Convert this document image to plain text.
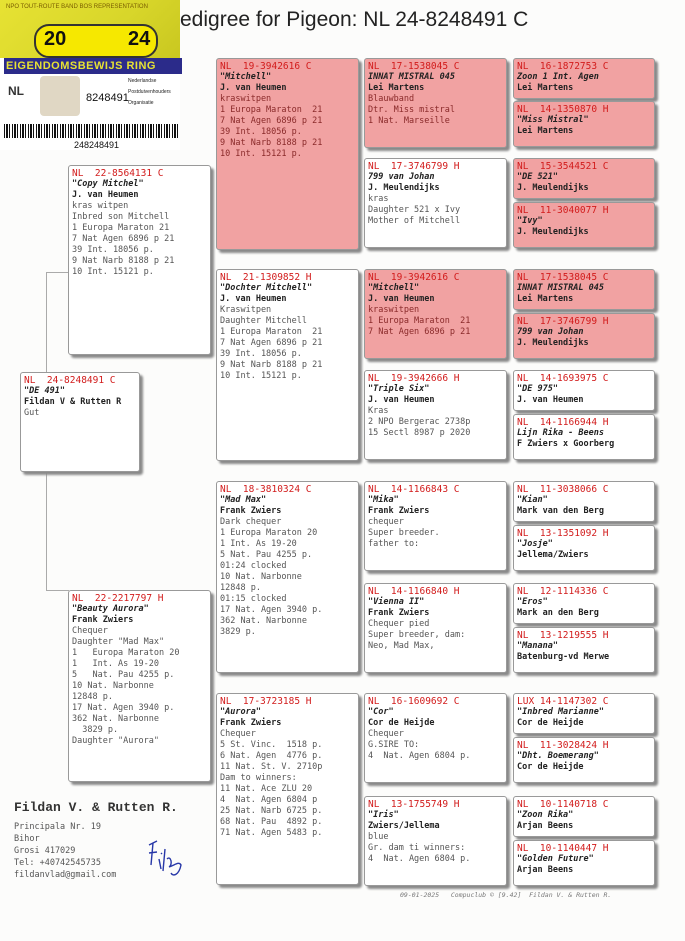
NPO TOUT-ROUTE BAND BOS REPRESENTATION
20	24
EIGENDOMSBEWIJS RING
NL	8248491
Nederlandse
Postduivenhouders
Organisatie
248248491
edigree for Pigeon: NL 24-8248491 C
NL  24-8248491 C
"DE 491"
Fildan V & Rutten R
Gut
NL  22-8564131 C
"Copy Mitchel"
J. van Heumen
kras witpen
Inbred son Mitchell
1 Europa Maraton 21
7 Nat Agen 6896 p 21
39 Int. 18056 p.
9 Nat Narb 8188 p 21
10 Int. 15121 p.
NL  22-2217797 H
"Beauty Aurora"
Frank Zwiers
Chequer
Daughter "Mad Max"
1   Europa Maraton 20
1   Int. As 19-20
5   Nat. Pau 4255 p.
10 Nat. Narbonne
12848 p.
17 Nat. Agen 3940 p.
362 Nat. Narbonne
3829 p.
Daughter "Aurora"
NL  19-3942616 C
"Mitchell"
J. van Heumen
kraswitpen
1 Europa Maraton  21
7 Nat Agen 6896 p 21
39 Int. 18056 p.
9 Nat Narb 8188 p 21
10 Int. 15121 p.
NL  21-1309852 H
"Dochter Mitchell"
J. van Heumen
Kraswitpen
Daughter Mitchell
1 Europa Maraton  21
7 Nat Agen 6896 p 21
39 Int. 18056 p.
9 Nat Narb 8188 p 21
10 Int. 15121 p.
NL  18-3810324 C
"Mad Max"
Frank Zwiers
Dark chequer
1 Europa Maraton 20
1 Int. As 19-20
5 Nat. Pau 4255 p.
01:24 clocked
10 Nat. Narbonne
12848 p.
01:15 clocked
17 Nat. Agen 3940 p.
362 Nat. Narbonne
3829 p.
NL  17-3723185 H
"Aurora"
Frank Zwiers
Chequer
5 St. Vinc.  1518 p.
6 Nat. Agen  4776 p.
11 Nat. St. V. 2710p
Dam to winners:
11 Nat. Ace ZLU 20
4  Nat. Agen 6804 p
25 Nat. Narb 6725 p.
68 Nat. Pau  4892 p.
71 Nat. Agen 5483 p.
NL  17-1538045 C
INNAT MISTRAL 045
Lei Martens
Blauwband
Dtr. Miss mistral
1 Nat. Marseille
NL  17-3746799 H
799 van Johan
J. Meulendijks
kras
Daughter 521 x Ivy
Mother of Mitchell
NL  19-3942616 C
"Mitchell"
J. van Heumen
kraswitpen
1 Europa Maraton  21
7 Nat Agen 6896 p 21
NL  19-3942666 H
"Triple Six"
J. van Heumen
Kras
2 NPO Bergerac 2738p
15 Sectl 8987 p 2020
NL  14-1166843 C
"Mika"
Frank Zwiers
chequer
Super breeder.
father to:
NL  14-1166840 H
"Vienna II"
Frank Zwiers
Chequer pied
Super breeder, dam:
Neo, Mad Max,
NL  16-1609692 C
"Cor"
Cor de Heijde
Chequer
G.SIRE TO:
4  Nat. Agen 6804 p.
NL  13-1755749 H
"Iris"
Zwiers/Jellema
blue
Gr. dam ti winners:
4  Nat. Agen 6804 p.
NL  16-1872753 C
Zoon 1 Int. Agen
Lei Martens
NL  14-1350870 H
"Miss Mistral"
Lei Martens
NL  15-3544521 C
"DE 521"
J. Meulendijks
NL  11-3040077 H
"Ivy"
J. Meulendijks
NL  17-1538045 C
INNAT MISTRAL 045
Lei Martens
NL  17-3746799 H
799 van Johan
J. Meulendijks
NL  14-1693975 C
"DE 975"
J. van Heumen
NL  14-1166944 H
Lijn Rika - Beens
F Zwiers x Goorberg
NL  11-3038066 C
"Kian"
Mark van den Berg
NL  13-1351092 H
"Josje"
Jellema/Zwiers
NL  12-1114336 C
"Eros"
Mark an den Berg
NL  13-1219555 H
"Manana"
Batenburg-vd Merwe
LUX 14-1147302 C
"Inbred Marianne"
Cor de Heijde
NL  11-3028424 H
"Dht. Boemerang"
Cor de Heijde
NL  10-1140718 C
"Zoon Rika"
Arjan Beens
NL  10-1140447 H
"Golden Future"
Arjan Beens
Fildan V. & Rutten R.
Principala Nr. 19
Bihor
Grosi 417029
Tel: +40742545735
fildanvlad@gmail.com
09-01-2025   Compuclub © [9.42]  Fildan V. & Rutten R.
